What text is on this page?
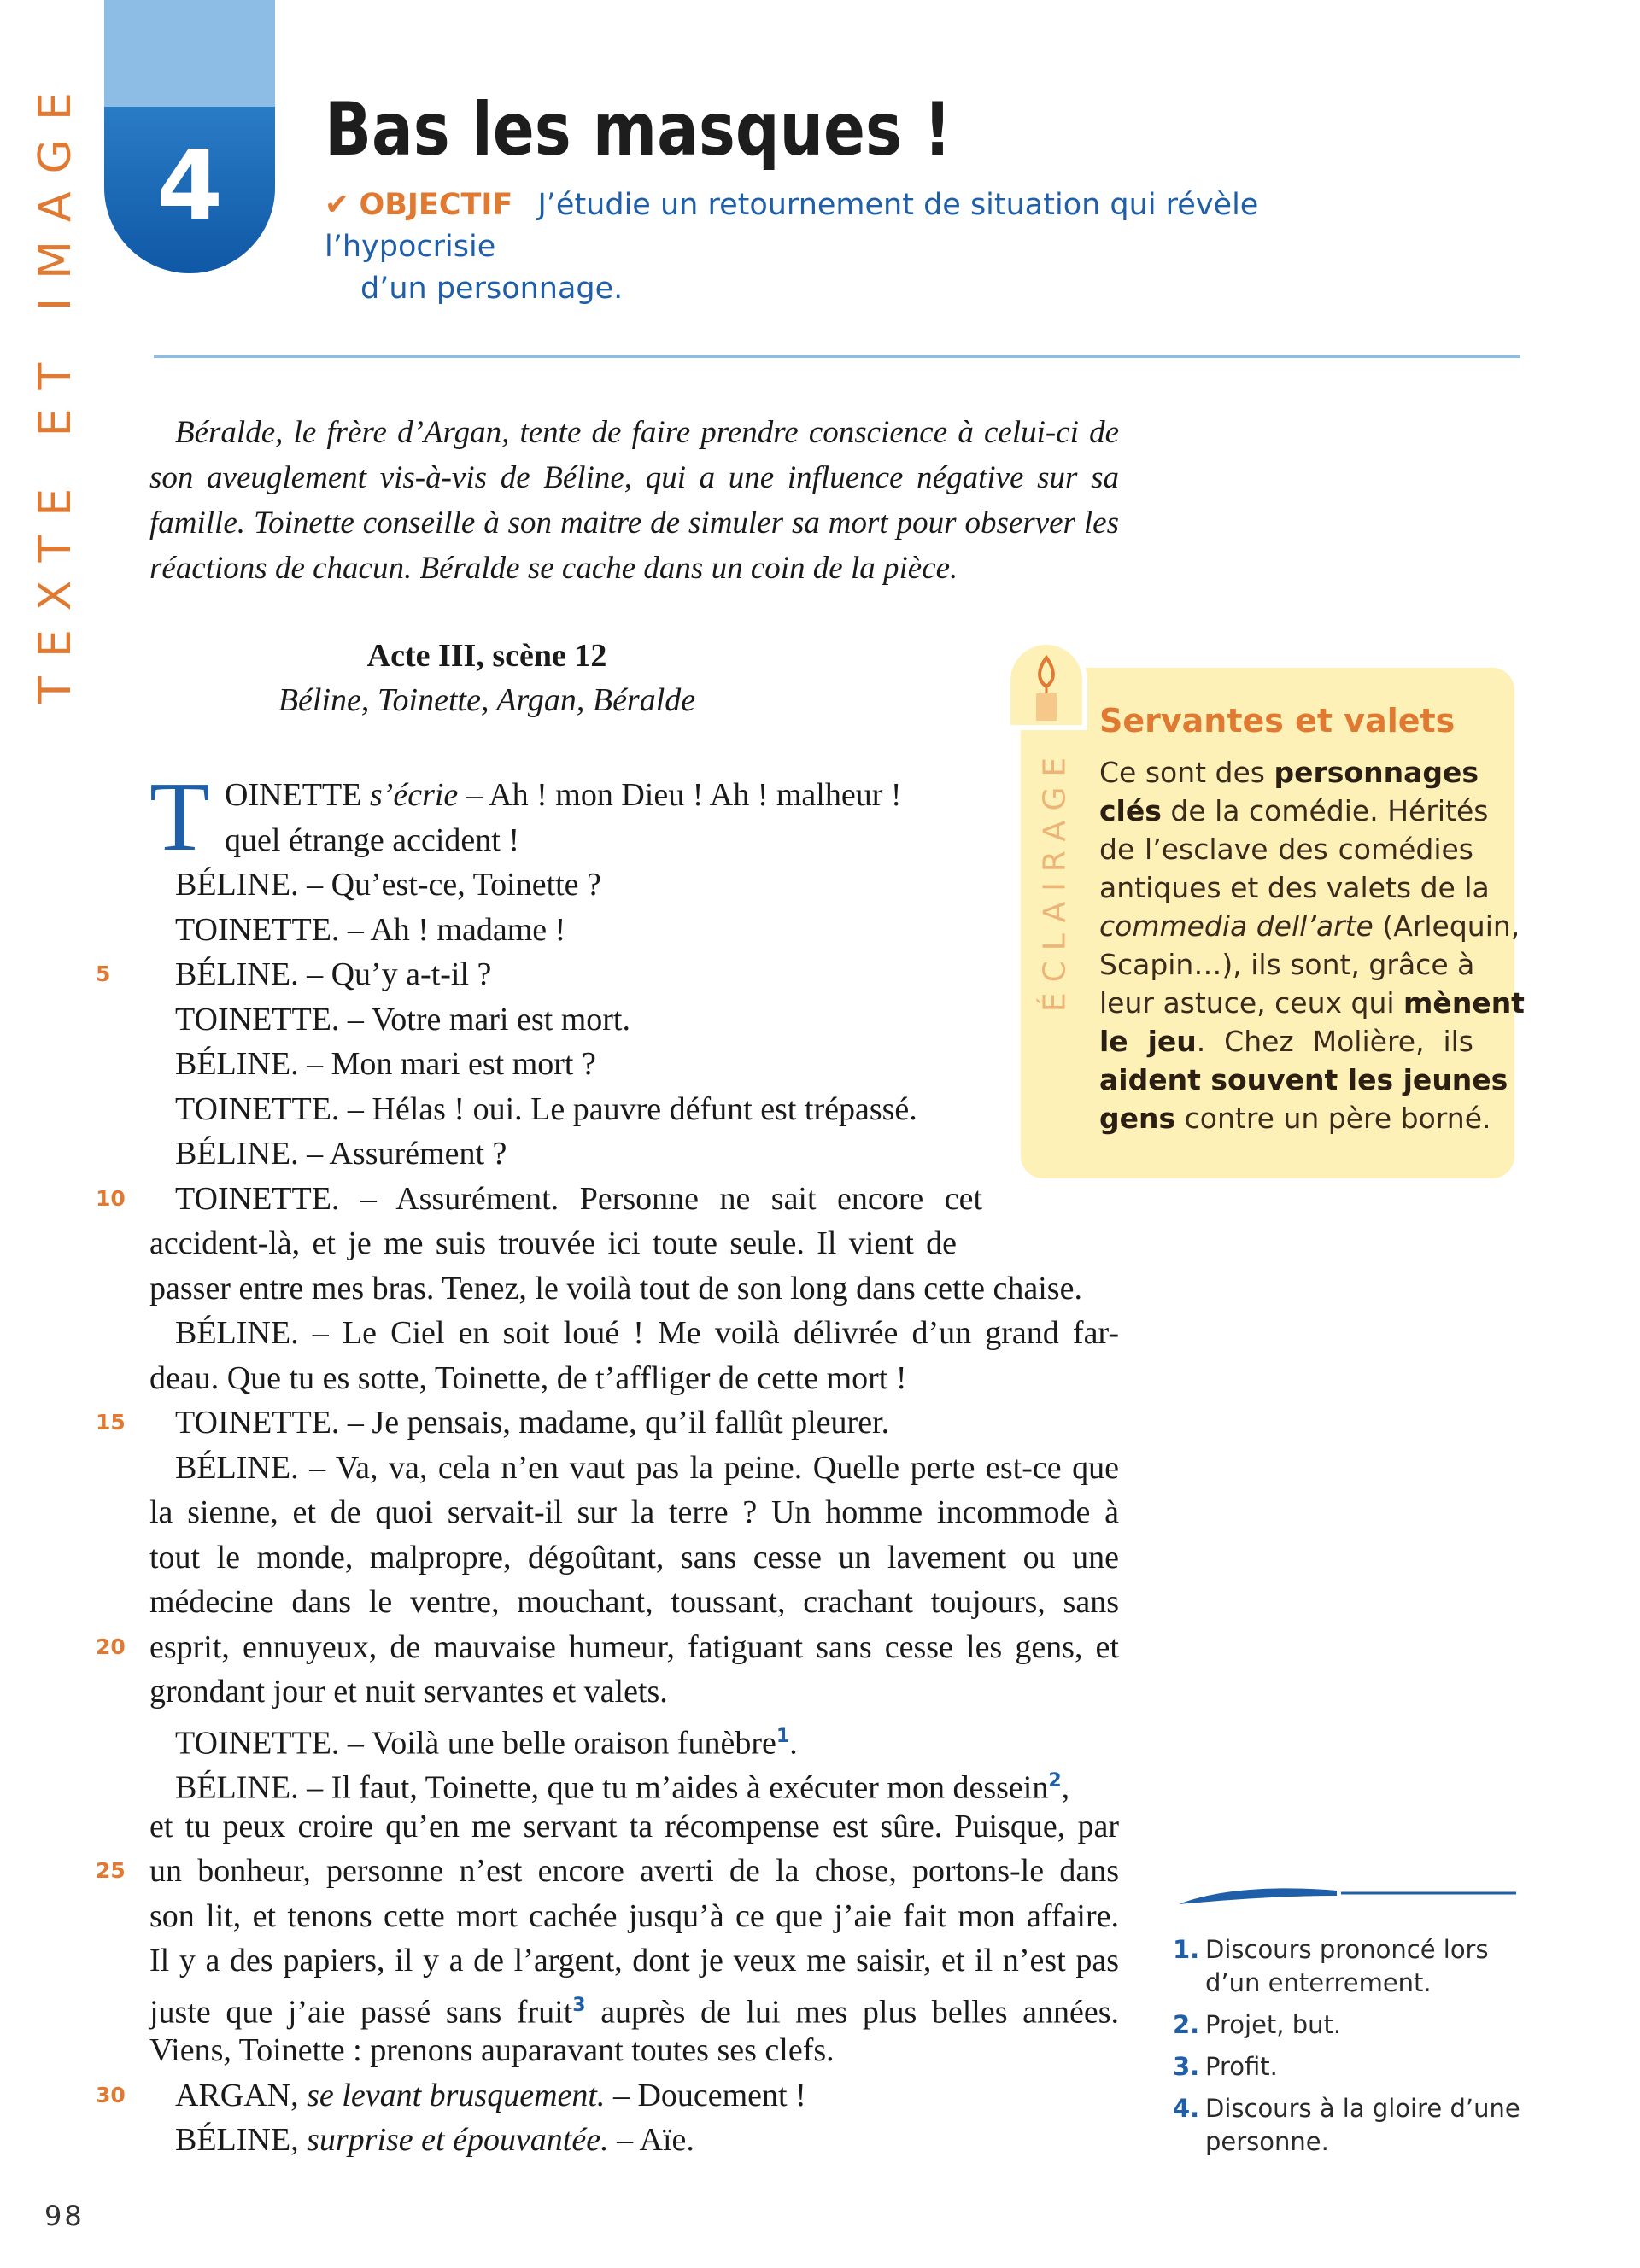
TEXTE ET IMAGE 4
Bas les masques !
✔ OBJECTIF J’étudie un retournement de situation qui révèle l’hypocrisie
d’un personnage.
Béralde, le frère d’Argan, tente de faire prendre conscience à celui-ci de son aveuglement vis-à-vis de Béline, qui a une influence négative sur sa famille. Toinette conseille à son maitre de simuler sa mort pour observer les réactions de chacun. Béralde se cache dans un coin de la pièce.
Acte III, scène 12
Béline, Toinette, Argan, Béralde
5
10
15
20
25
30
T OINETTE s’écrie – Ah ! mon Dieu ! Ah ! malheur !
quel étrange accident !
BÉLINE. – Qu’est-ce, Toinette ?
TOINETTE. – Ah ! madame !
BÉLINE. – Qu’y a-t-il ?
TOINETTE. – Votre mari est mort.
BÉLINE. – Mon mari est mort ?
TOINETTE. – Hélas ! oui. Le pauvre défunt est trépassé.
BÉLINE. – Assurément ?
TOINETTE. – Assurément. Personne ne sait encore cet
accident-là, et je me suis trouvée ici toute seule. Il vient de
passer entre mes bras. Tenez, le voilà tout de son long dans cette chaise.
BÉLINE. – Le Ciel en soit loué ! Me voilà délivrée d’un grand far-
deau. Que tu es sotte, Toinette, de t’affliger de cette mort !
TOINETTE. – Je pensais, madame, qu’il fallût pleurer.
BÉLINE. – Va, va, cela n’en vaut pas la peine. Quelle perte est-ce que
la sienne, et de quoi servait-il sur la terre ? Un homme incommode à
tout le monde, malpropre, dégoûtant, sans cesse un lavement ou une
médecine dans le ventre, mouchant, toussant, crachant toujours, sans
esprit, ennuyeux, de mauvaise humeur, fatiguant sans cesse les gens, et
grondant jour et nuit servantes et valets.
TOINETTE. – Voilà une belle oraison funèbre$^1$.
BÉLINE. – Il faut, Toinette, que tu m’aides à exécuter mon dessein$^2$,
et tu peux croire qu’en me servant ta récompense est sûre. Puisque, par
un bonheur, personne n’est encore averti de la chose, portons-le dans
son lit, et tenons cette mort cachée jusqu’à ce que j’aie fait mon affaire.
Il y a des papiers, il y a de l’argent, dont je veux me saisir, et il n’est pas
juste que j’aie passé sans fruit$^3$ auprès de lui mes plus belles années.
Viens, Toinette : prenons auparavant toutes ses clefs.
ARGAN, se levant brusquement. – Doucement !
BÉLINE, surprise et épouvantée. – Aïe.
ÉCLAIRAGE
Servantes et valets
Ce sont des personnages
clés de la comédie. Hérités
de l’esclave des comédies
antiques et des valets de la
commedia dell’arte (Arlequin,
Scapin…), ils sont, grâce à
leur astuce, ceux qui mènent
le jeu. Chez Molière, ils
aident souvent les jeunes
gens contre un père borné.
1. Discours prononcé lors d’un enterrement.
2. Projet, but.
3. Profit.
4. Discours à la gloire d’une personne.
98
